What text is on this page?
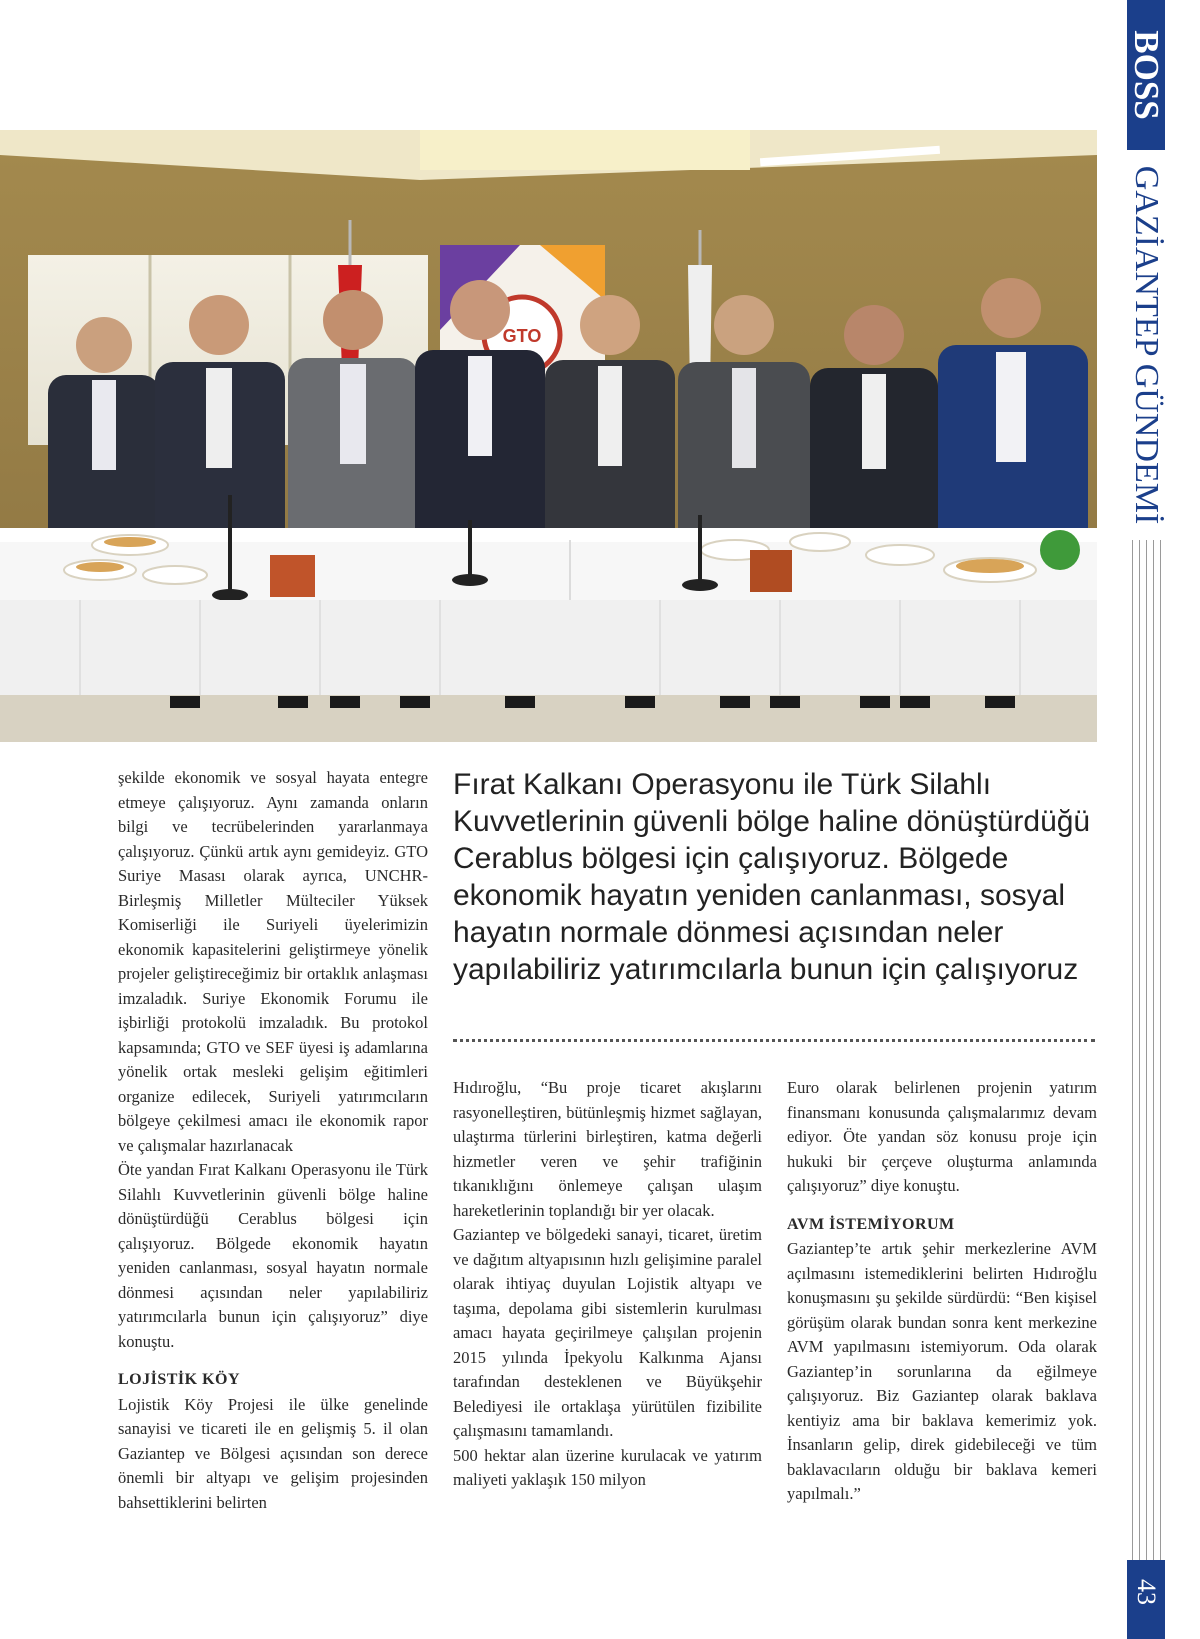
BOSS
GAZİANTEP GÜNDEMİ
43
GTO

şekilde ekonomik ve sosyal hayata entegre etmeye çalışıyoruz. Aynı zamanda onların bilgi ve tecrübelerinden yararlanmaya çalışıyoruz. Çünkü artık aynı gemideyiz. GTO Suriye Masası olarak ayrıca, UNCHR-Birleşmiş Milletler Mülteciler Yüksek Komiserliği ile Suriyeli üyelerimizin ekonomik kapasitelerini geliştirmeye yönelik projeler geliştireceğimiz bir ortaklık anlaşması imzaladık. Suriye Ekonomik Forumu ile işbirliği protokolü imzaladık. Bu protokol kapsamında; GTO ve SEF üyesi iş adamlarına yönelik ortak mesleki gelişim eğitimleri organize edilecek, Suriyeli yatırımcıların bölgeye çekilmesi amacı ile ekonomik rapor ve çalışmalar hazırlanacak

Öte yandan Fırat Kalkanı Operasyonu ile Türk Silahlı Kuvvetlerinin güvenli bölge haline dönüştürdüğü Cerablus bölgesi için çalışıyoruz. Bölgede ekonomik hayatın yeniden canlanması, sosyal hayatın normale dönmesi açısından neler yapılabiliriz yatırımcılarla bunun için çalışıyoruz” diye konuştu.

LOJİSTİK KÖY

Lojistik Köy Projesi ile ülke genelinde sanayisi ve ticareti ile en gelişmiş 5. il olan Gaziantep ve Bölgesi açısından son derece önemli bir altyapı ve gelişim projesinden bahsettiklerini belirten

Fırat Kalkanı Operasyonu ile Türk Silahlı Kuvvetlerinin güvenli bölge haline dönüştürdüğü Cerablus bölgesi için çalışıyoruz. Bölgede ekonomik hayatın yeniden canlanması, sosyal hayatın normale dönmesi açısından neler yapılabiliriz yatırımcılarla bunun için çalışıyoruz

Hıdıroğlu, “Bu proje ticaret akışlarını rasyonelleştiren, bütünleşmiş hizmet sağlayan, ulaştırma türlerini birleştiren, katma değerli hizmetler veren ve şehir trafiğinin tıkanıklığını önlemeye çalışan ulaşım hareketlerinin toplandığı bir yer olacak.

Gaziantep ve bölgedeki sanayi, ticaret, üretim ve dağıtım altyapısının hızlı gelişimine paralel olarak ihtiyaç duyulan Lojistik altyapı ve taşıma, depolama gibi sistemlerin kurulması amacı hayata geçirilmeye çalışılan projenin 2015 yılında İpekyolu Kalkınma Ajansı tarafından desteklenen ve Büyükşehir Belediyesi ile ortaklaşa yürütülen fizibilite çalışmasını tamamlandı.

500 hektar alan üzerine kurulacak ve yatırım maliyeti yaklaşık 150 milyon

Euro olarak belirlenen projenin yatırım finansmanı konusunda çalışmalarımız devam ediyor. Öte yandan söz konusu proje için hukuki bir çerçeve oluşturma anlamında çalışıyoruz” diye konuştu.

AVM İSTEMİYORUM

Gaziantep’te artık şehir merkezlerine AVM açılmasını istemediklerini belirten Hıdıroğlu konuşmasını şu şekilde sürdürdü: “Ben kişisel görüşüm olarak bundan sonra kent merkezine AVM yapılmasını istemiyorum. Oda olarak Gaziantep’in sorunlarına da eğilmeye çalışıyoruz. Biz Gaziantep olarak baklava kentiyiz ama bir baklava kemerimiz yok. İnsanların gelip, direk gidebileceği ve tüm baklavacıların olduğu bir baklava kemeri yapılmalı.”
